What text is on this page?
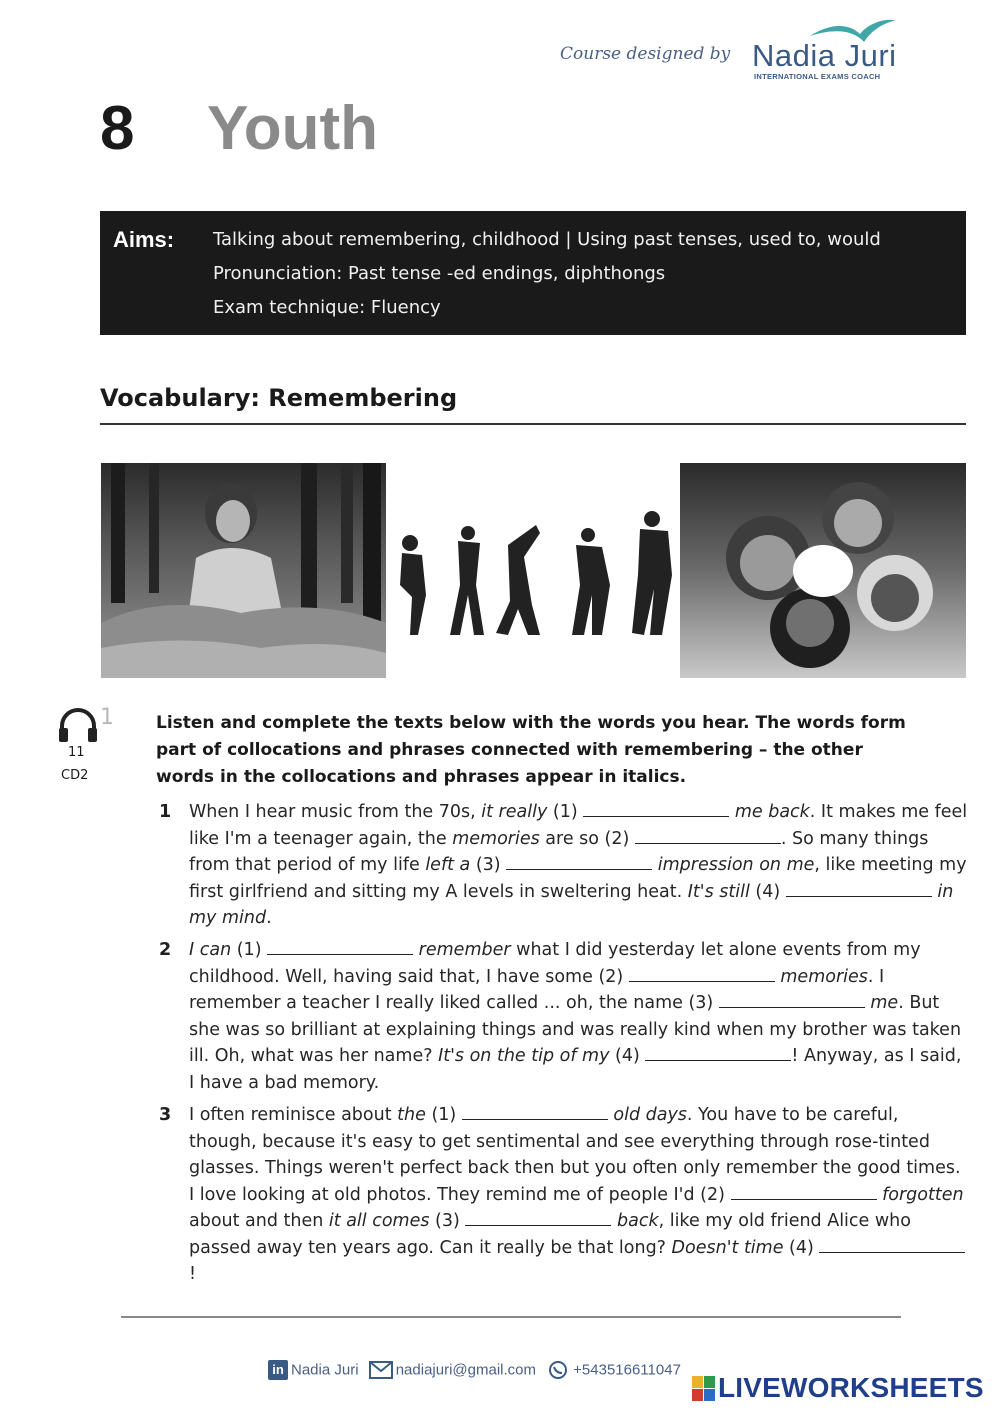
Course designed by Nadia Juri
INTERNATIONAL EXAMS COACH
8 Youth
Aims: Talking about remembering, childhood | Using past tenses, used to, would
Pronunciation: Past tense -ed endings, diphthongs
Exam technique: Fluency
Vocabulary: Remembering
1
11
CD2
Listen and complete the texts below with the words you hear. The words form part of collocations and phrases connected with remembering – the other words in the collocations and phrases appear in italics.
1 When I hear music from the 70s, it really (1)	me back. It makes me feel like I'm a teenager again, the memories are so (2)	. So many things from that period of my life left a (3)	impression on me, like meeting my first girlfriend and sitting my A levels in sweltering heat. It's still (4)	in my mind.
2 I can (1)	remember what I did yesterday let alone events from my childhood. Well, having said that, I have some (2)	memories. I remember a teacher I really liked called ... oh, the name (3)	me. But she was so brilliant at explaining things and was really kind when my brother was taken ill. Oh, what was her name? It's on the tip of my (4)	! Anyway, as I said, I have a bad memory.
3 I often reminisce about the (1)	old days. You have to be careful, though, because it's easy to get sentimental and see everything through rose-tinted glasses. Things weren't perfect back then but you often only remember the good times. I love looking at old photos. They remind me of people I'd (2)	forgotten about and then it all comes (3)	back, like my old friend Alice who passed away ten years ago. Can it really be that long? Doesn't time (4) !
in Nadia Juri nadiajuri@gmail.com +543516611047
LIVEWORKSHEETS
